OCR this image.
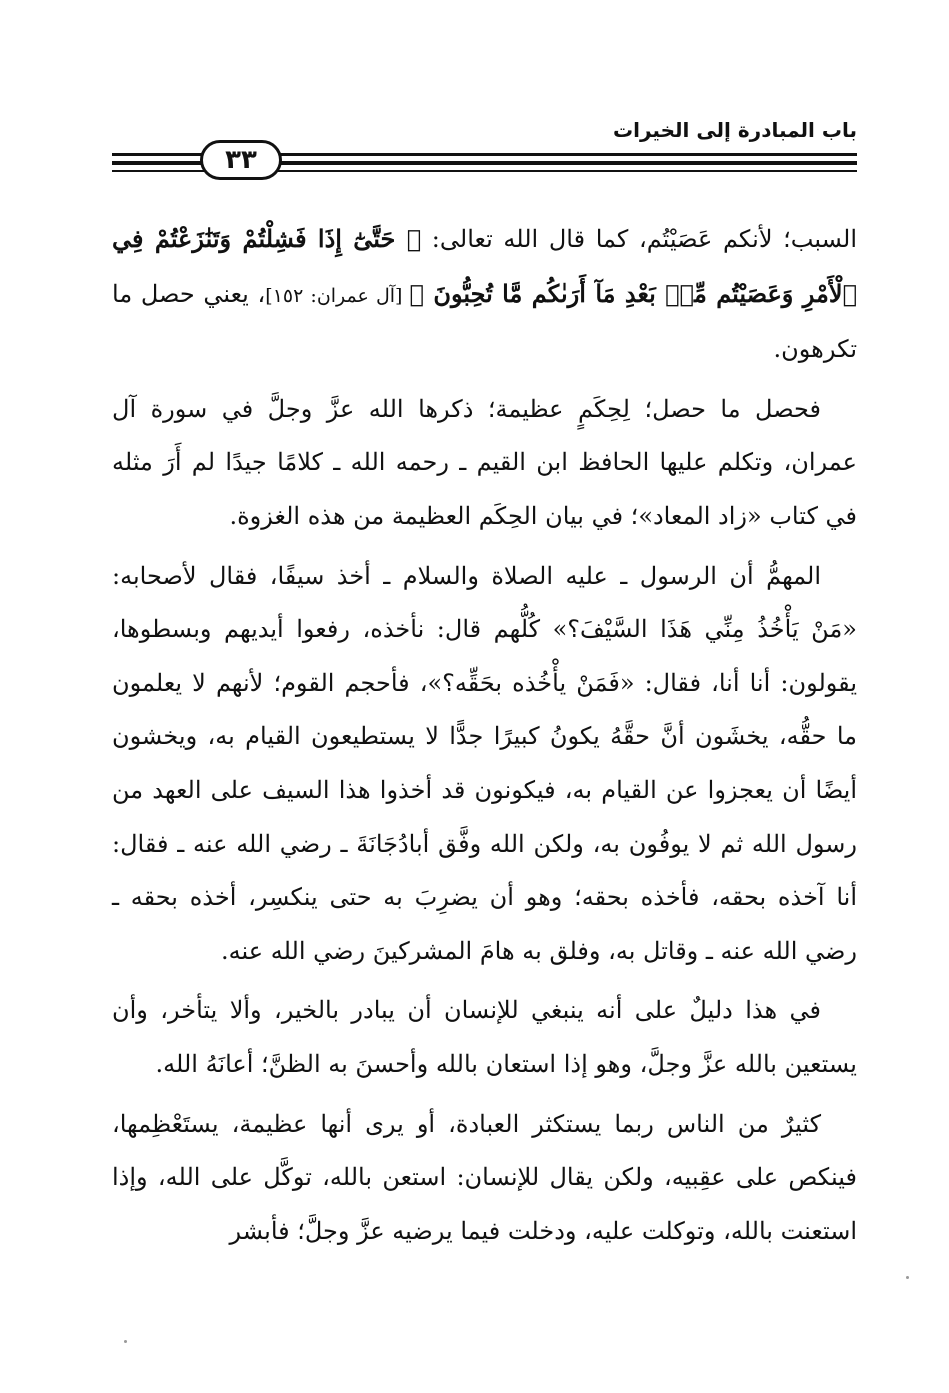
باب المبادرة إلى الخيرات
٣٣

السبب؛ لأنكم عَصَيْتُم، كما قال الله تعالى: ﴿ حَتَّىٰٓ إِذَا فَشِلْتُمْ وَتَنَٰزَعْتُمْ فِي ٱلْأَمْرِ وَعَصَيْتُم مِّنۢ بَعْدِ مَآ أَرَىٰكُم مَّا تُحِبُّونَ ﴾ [آل عمران: ١٥٢]، يعني حصل ما تكرهون.

فحصل ما حصل؛ لِحِكَمٍ عظيمة؛ ذكرها الله عزَّ وجلَّ في سورة آل عمران، وتكلم عليها الحافظ ابن القيم ـ رحمه الله ـ كلامًا جيدًا لم أَرَ مثله في كتاب «زاد المعاد»؛ في بيان الحِكَم العظيمة من هذه الغزوة.

المهمُّ أن الرسول ـ عليه الصلاة والسلام ـ أخذ سيفًا، فقال لأصحابه: «مَنْ يَأْخُذُ مِنِّي هَذَا السَّيْفَ؟» كُلُّهم قال: نأخذه، رفعوا أيديهم وبسطوها، يقولون: أنا أنا، فقال: «فَمَنْ يأْخُذه بحَقِّه؟»، فأحجم القوم؛ لأنهم لا يعلمون ما حقُّه، يخشَون أنَّ حقَّهُ يكونُ كبيرًا جدًّا لا يستطيعون القيام به، ويخشون أيضًا أن يعجزوا عن القيام به، فيكونون قد أخذوا هذا السيف على العهد من رسول الله ثم لا يوفُون به، ولكن الله وفَّق أبادُجَانَةَ ـ رضي الله عنه ـ فقال: أنا آخذه بحقه، فأخذه بحقه؛ وهو أن يضرِبَ به حتى ينكسِر، أخذه بحقه ـ رضي الله عنه ـ وقاتل به، وفلق به هامَ المشركينَ رضي الله عنه.

في هذا دليلٌ على أنه ينبغي للإنسان أن يبادر بالخير، وألا يتأخر، وأن يستعين بالله عزَّ وجلَّ، وهو إذا استعان بالله وأحسنَ به الظنَّ؛ أعانَهُ الله.

كثيرٌ من الناس ربما يستكثر العبادة، أو يرى أنها عظيمة، يستَعْظِمها، فينكص على عقِبيه، ولكن يقال للإنسان: استعن بالله، توكَّل على الله، وإذا استعنت بالله، وتوكلت عليه، ودخلت فيما يرضيه عزَّ وجلَّ؛ فأبشر
